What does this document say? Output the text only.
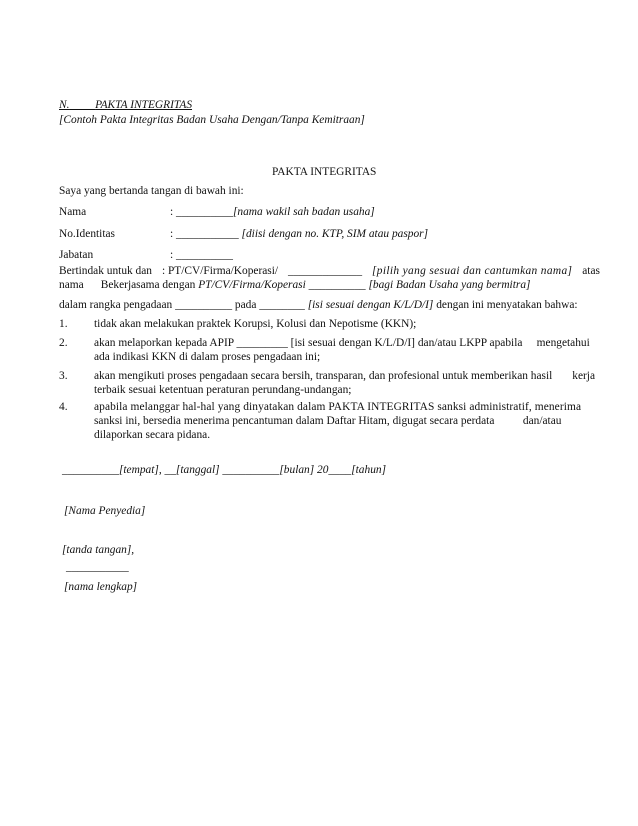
N. PAKTA INTEGRITAS
[Contoh Pakta Integritas Badan Usaha Dengan/Tanpa Kemitraan]
PAKTA INTEGRITAS
Saya yang bertanda tangan di bawah ini:
Nama	: __________[nama wakil sah badan usaha]
No.Identitas	: ___________ [diisi dengan no. KTP, SIM atau paspor]
Jabatan	: __________
Bertindak untuk dan : PT/CV/Firma/Koperasi/ _____________ [pilih yang sesuai dan cantumkan nama] atas
nama Bekerjasama dengan PT/CV/Firma/Koperasi __________ [bagi Badan Usaha yang bermitra]
dalam rangka pengadaan __________ pada ________ [isi sesuai dengan K/L/D/I] dengan ini menyatakan bahwa:
1. tidak akan melakukan praktek Korupsi, Kolusi dan Nepotisme (KKN);
2. akan melaporkan kepada APIP _________ [isi sesuai dengan K/L/D/I] dan/atau LKPP apabila     mengetahui
ada indikasi KKN di dalam proses pengadaan ini;
3. akan mengikuti proses pengadaan secara bersih, transparan, dan profesional untuk memberikan hasil       kerja
terbaik sesuai ketentuan peraturan perundang-undangan;
4. apabila melanggar hal-hal yang dinyatakan dalam PAKTA INTEGRITAS sanksi administratif, menerima
sanksi ini, bersedia menerima pencantuman dalam Daftar Hitam, digugat secara perdata          dan/atau
dilaporkan secara pidana.
__________[tempat], __[tanggal] __________[bulan] 20____[tahun]
[Nama Penyedia]
[tanda tangan],
___________
[nama lengkap]
